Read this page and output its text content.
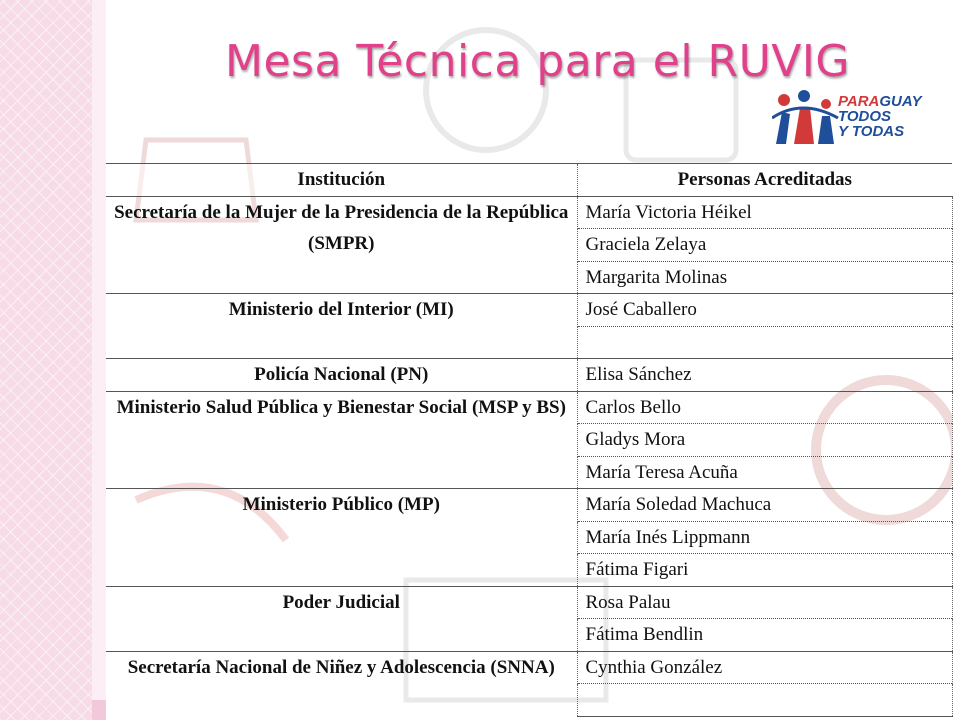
Mesa Técnica para el RUVIG
PARAGUAY
TODOS
Y TODAS
Institución	Personas Acreditadas
Secretaría de la Mujer de la Presidencia de la República (SMPR)	María Victoria Héikel
	Graciela Zelaya
	Margarita Molinas
Ministerio del Interior (MI)	José Caballero

Policía Nacional (PN)	Elisa Sánchez
Ministerio Salud Pública y Bienestar Social (MSP y BS)	Carlos Bello
	Gladys Mora
	María Teresa Acuña
Ministerio Público (MP)	María Soledad Machuca
	María Inés Lippmann
	Fátima Figari
Poder Judicial	Rosa Palau
	Fátima Bendlin
Secretaría Nacional de Niñez y Adolescencia (SNNA)	Cynthia González
